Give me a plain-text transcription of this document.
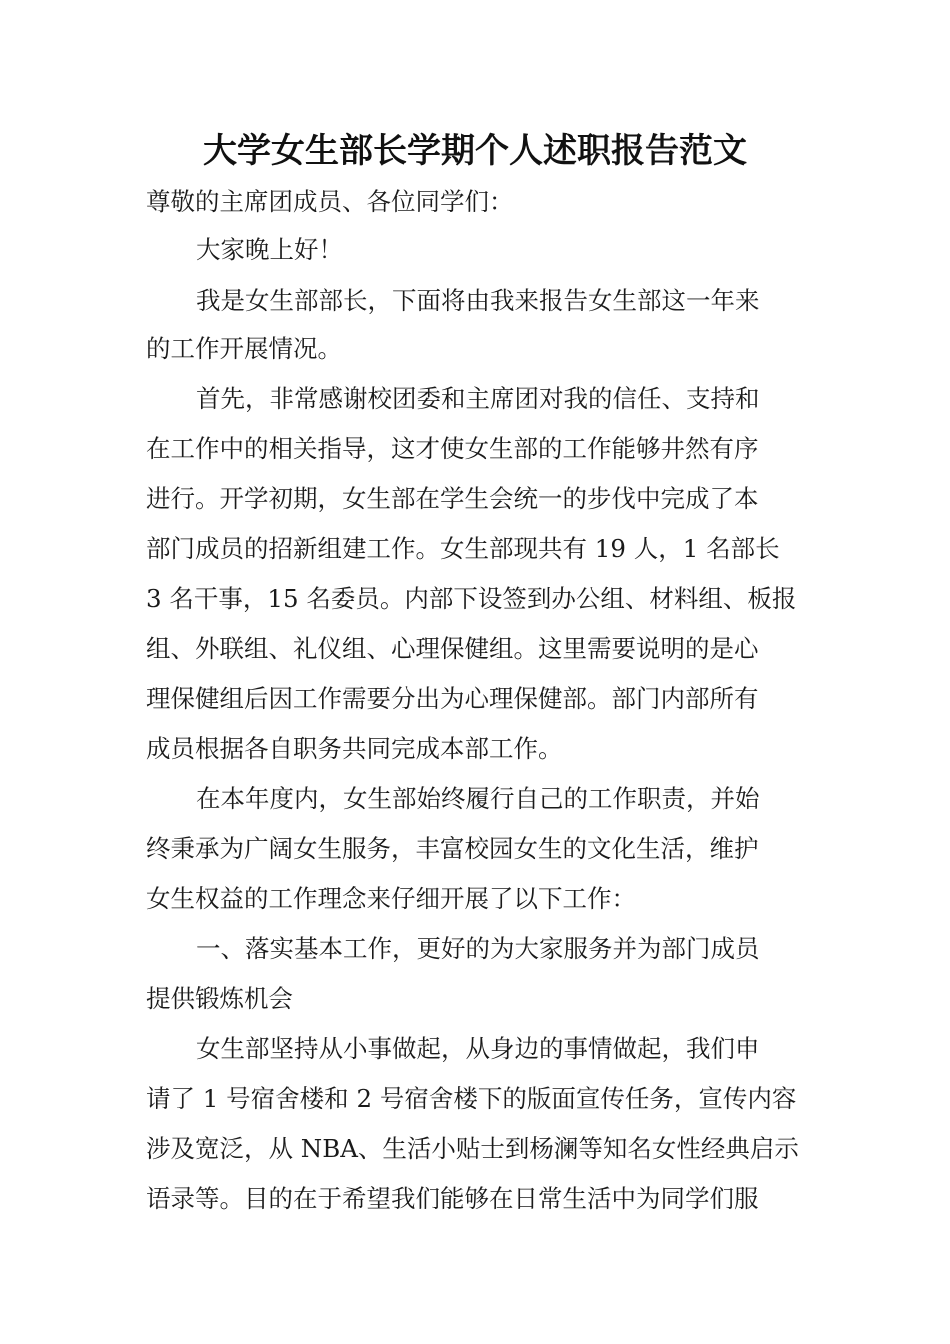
大学女生部长学期个人述职报告范文

尊敬的主席团成员、各位同学们：

大家晚上好！

我是女生部部长，下面将由我来报告女生部这一年来

的工作开展情况。

首先，非常感谢校团委和主席团对我的信任、支持和

在工作中的相关指导，这才使女生部的工作能够井然有序

进行。开学初期，女生部在学生会统一的步伐中完成了本

部门成员的招新组建工作。女生部现共有 19 人，1 名部长

3 名干事，15 名委员。内部下设签到办公组、材料组、板报

组、外联组、礼仪组、心理保健组。这里需要说明的是心

理保健组后因工作需要分出为心理保健部。部门内部所有

成员根据各自职务共同完成本部工作。

在本年度内，女生部始终履行自己的工作职责，并始

终秉承为广阔女生服务，丰富校园女生的文化生活，维护

女生权益的工作理念来仔细开展了以下工作：

一、落实基本工作，更好的为大家服务并为部门成员

提供锻炼机会

女生部坚持从小事做起，从身边的事情做起，我们申

请了 1 号宿舍楼和 2 号宿舍楼下的版面宣传任务，宣传内容

涉及宽泛，从 NBA、生活小贴士到杨澜等知名女性经典启示

语录等。目的在于希望我们能够在日常生活中为同学们服
